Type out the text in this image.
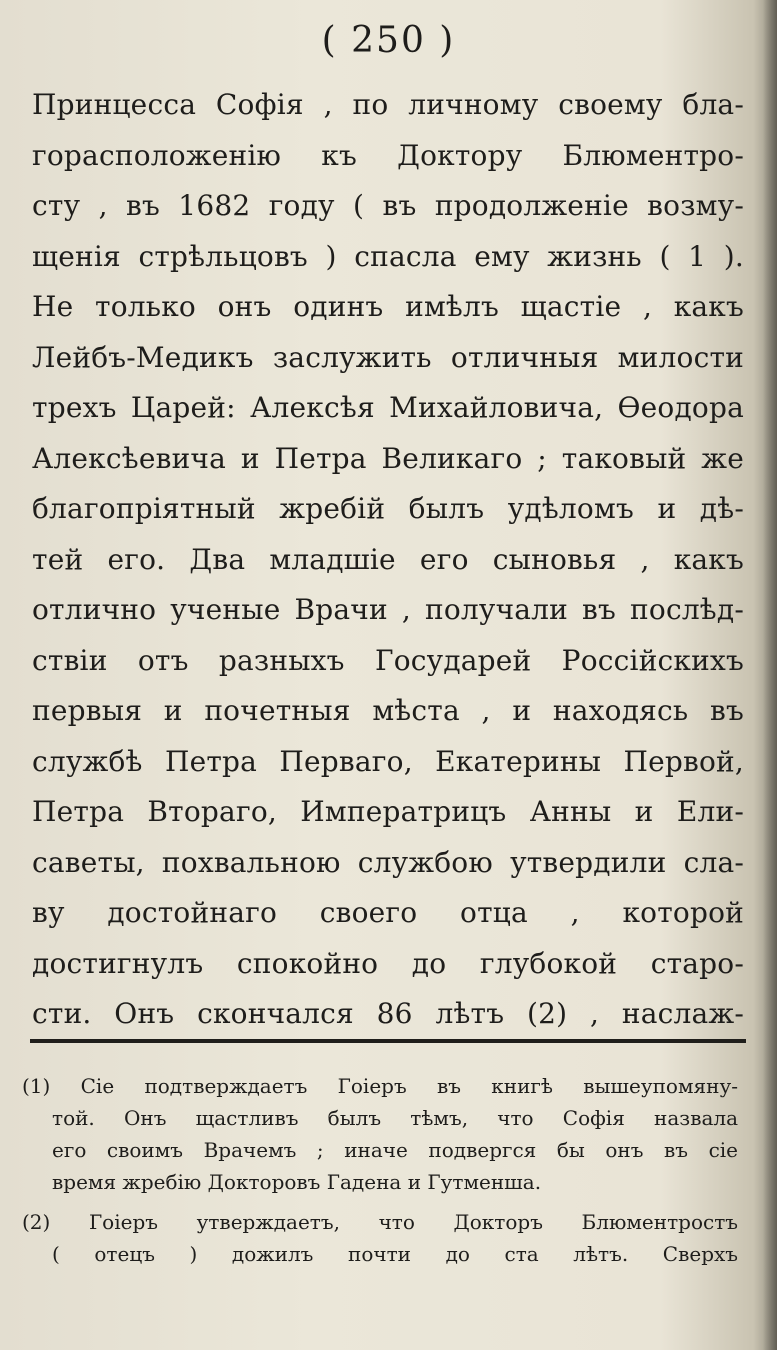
( 250 )
Принцесса Софія , по личному своему бла-
горасположенію къ Доктору Блюментро-
сту , въ 1682 году ( въ продолженіе возму-
щенія стрѣльцовъ ) спасла ему жизнь ( 1 ).
Не только онъ одинъ имѣлъ щастіе , какъ
Лейбъ-Медикъ заслужить отличныя милости
трехъ Царей: Алексѣя Михайловича, Ѳеодора
Алексѣевича и Петра Великаго ; таковый же
благопріятный жребій былъ удѣломъ и дѣ-
тей его. Два младшіе его сыновья , какъ
отлично ученые Врачи , получали въ послѣд-
ствіи отъ разныхъ Государей Россійскихъ
первыя и почетныя мѣста , и находясь въ
службѣ Петра Перваго, Екатерины Первой,
Петра Втораго, Императрицъ Анны и Ели-
саветы, похвальною службою утвердили сла-
ву достойнаго своего отца , которой
достигнулъ спокойно до глубокой старо-
сти. Онъ скончался 86 лѣтъ (2) , наслаж-
(1) Сіе подтверждаетъ Гоіеръ въ книгѣ вышеупомяну-
той. Онъ щастливъ былъ тѣмъ, что Софія назвала
его своимъ Врачемъ ; иначе подвергся бы онъ въ сіе
время жребію Докторовъ Гадена и Гутменша.
(2) Гоіеръ утверждаетъ, что Докторъ Блюментростъ
( отецъ ) дожилъ почти до ста лѣтъ. Сверхъ
